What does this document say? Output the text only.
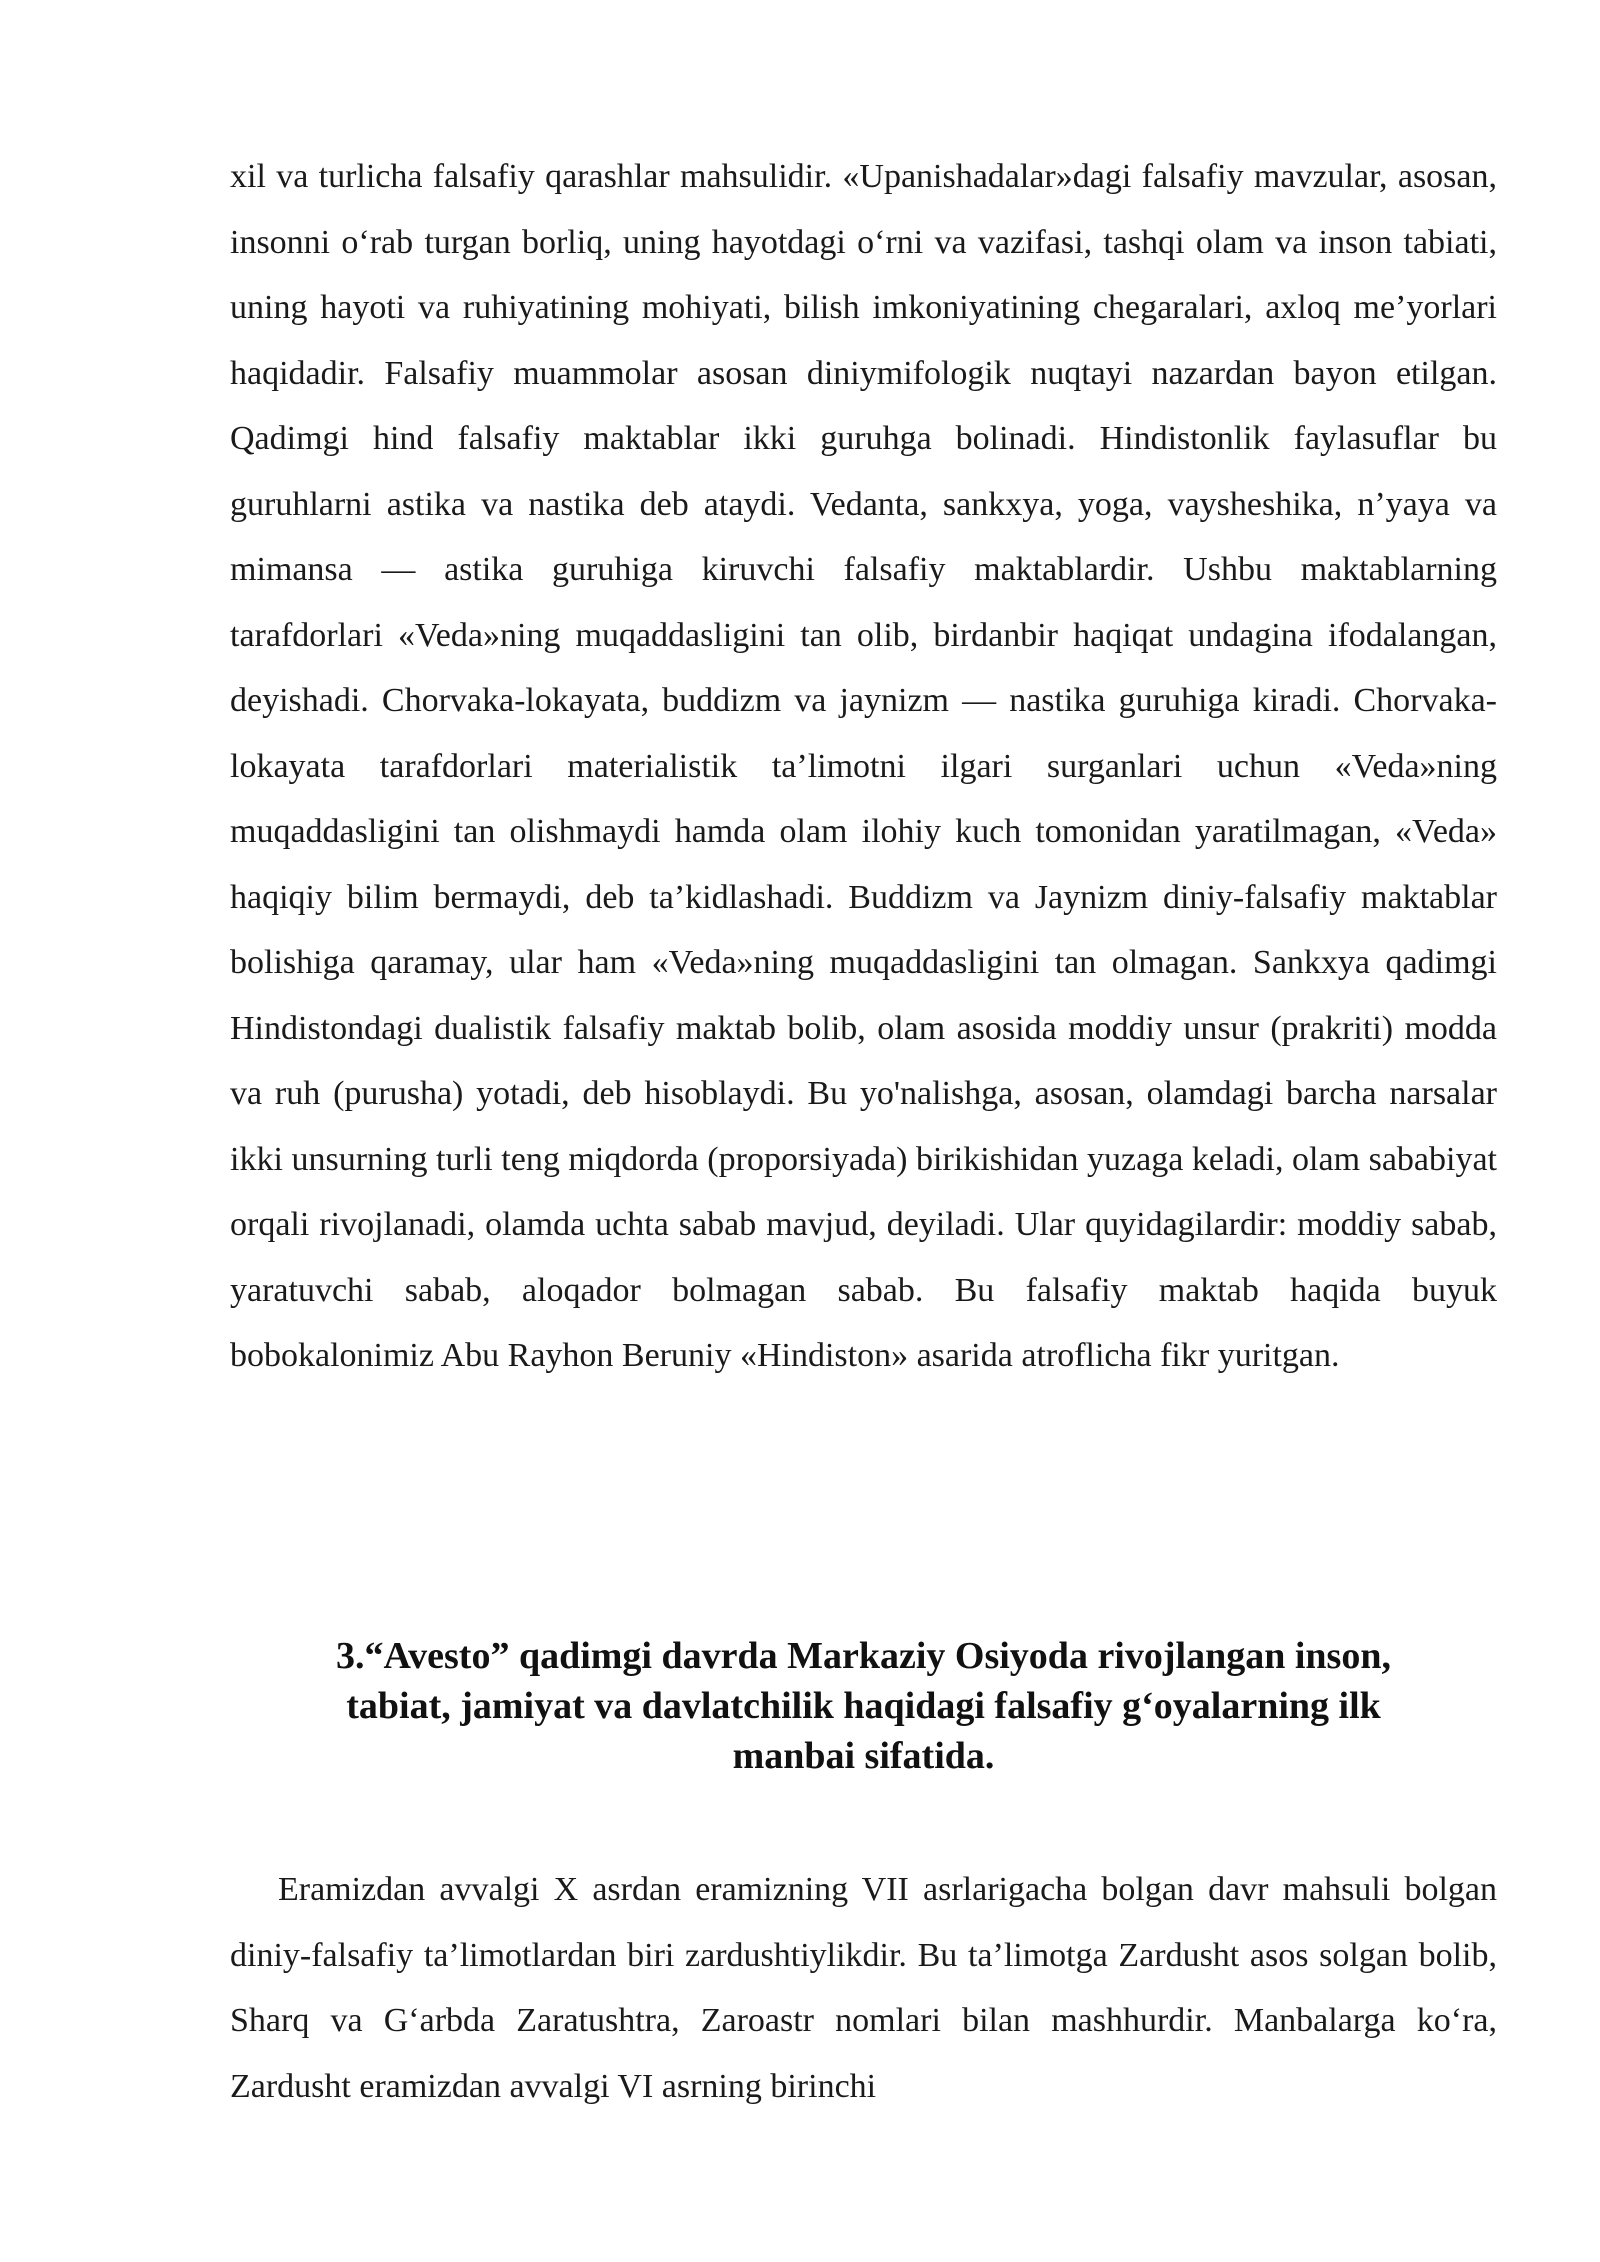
xil va turlicha falsafiy qarashlar mahsulidir. «Upanishadalar»dagi falsafiy mavzular, asosan, insonni o‘rab turgan borliq, uning hayotdagi o‘rni va vazifasi, tashqi olam va inson tabiati, uning hayoti va ruhiyatining mohiyati, bilish imkoniyatining chegaralari, axloq me’yorlari haqidadir. Falsafiy muammolar asosan diniymifologik nuqtayi nazardan bayon etilgan. Qadimgi hind falsafiy maktablar ikki guruhga bolinadi. Hindistonlik faylasuflar bu guruhlarni astika va nastika deb ataydi. Vedanta, sankxya, yoga, vaysheshika, n’yaya va mimansa — astika guruhiga kiruvchi falsafiy maktablardir. Ushbu maktablarning tarafdorlari «Veda»ning muqaddasligini tan olib, birdanbir haqiqat undagina ifodalangan, deyishadi. Chorvaka-lokayata, buddizm va jaynizm — nastika guruhiga kiradi. Chorvaka-lokayata tarafdorlari materialistik ta’limotni ilgari surganlari uchun «Veda»ning muqaddasligini tan olishmaydi hamda olam ilohiy kuch tomonidan yaratilmagan, «Veda» haqiqiy bilim bermaydi, deb ta’kidlashadi. Buddizm va Jaynizm diniy-falsafiy maktablar bolishiga qaramay, ular ham «Veda»ning muqaddasligini tan olmagan. Sankxya qadimgi Hindistondagi dualistik falsafiy maktab bolib, olam asosida moddiy unsur (prakriti) modda va ruh (purusha) yotadi, deb hisoblaydi. Bu yo'nalishga, asosan, olamdagi barcha narsalar ikki unsurning turli teng miqdorda (proporsiyada) birikishidan yuzaga keladi, olam sababiyat orqali rivojlanadi, olamda uchta sabab mavjud, deyiladi. Ular quyidagilardir: moddiy sabab, yaratuvchi sabab, aloqador bolmagan sabab. Bu falsafiy maktab haqida buyuk bobokalonimiz Abu Rayhon Beruniy «Hindiston» asarida atroflicha fikr yuritgan.

3.“Avesto” qadimgi davrda Markaziy Osiyoda rivojlangan inson,
tabiat, jamiyat va davlatchilik haqidagi falsafiy g‘oyalarning ilk
manbai sifatida.

Eramizdan avvalgi X asrdan eramizning VII asrlarigacha bolgan davr mahsuli bolgan diniy-falsafiy ta’limotlardan biri zardushtiylikdir. Bu ta’limotga Zardusht asos solgan bolib, Sharq va G‘arbda Zaratushtra, Zaroastr nomlari bilan mashhurdir. Manbalarga ko‘ra, Zardusht eramizdan avvalgi VI asrning birinchi
